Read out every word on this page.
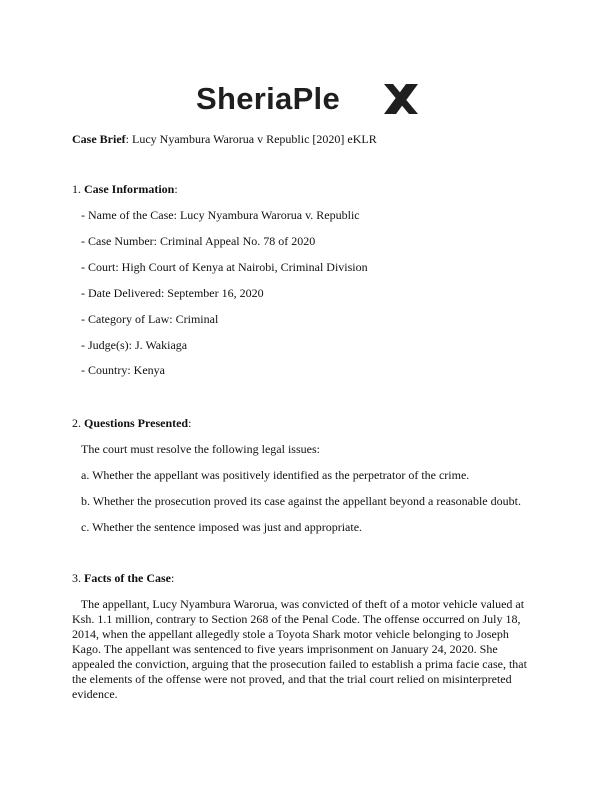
SheriaPle
Case Brief: Lucy Nyambura Warorua v Republic [2020] eKLR
1. Case Information:
- Name of the Case: Lucy Nyambura Warorua v. Republic
- Case Number: Criminal Appeal No. 78 of 2020
- Court: High Court of Kenya at Nairobi, Criminal Division
- Date Delivered: September 16, 2020
- Category of Law: Criminal
- Judge(s): J. Wakiaga
- Country: Kenya
2. Questions Presented:
The court must resolve the following legal issues:
a. Whether the appellant was positively identified as the perpetrator of the crime.
b. Whether the prosecution proved its case against the appellant beyond a reasonable doubt.
c. Whether the sentence imposed was just and appropriate.
3. Facts of the Case:
The appellant, Lucy Nyambura Warorua, was convicted of theft of a motor vehicle valued at
Ksh. 1.1 million, contrary to Section 268 of the Penal Code. The offense occurred on July 18,
2014, when the appellant allegedly stole a Toyota Shark motor vehicle belonging to Joseph
Kago. The appellant was sentenced to five years imprisonment on January 24, 2020. She
appealed the conviction, arguing that the prosecution failed to establish a prima facie case, that
the elements of the offense were not proved, and that the trial court relied on misinterpreted
evidence.
